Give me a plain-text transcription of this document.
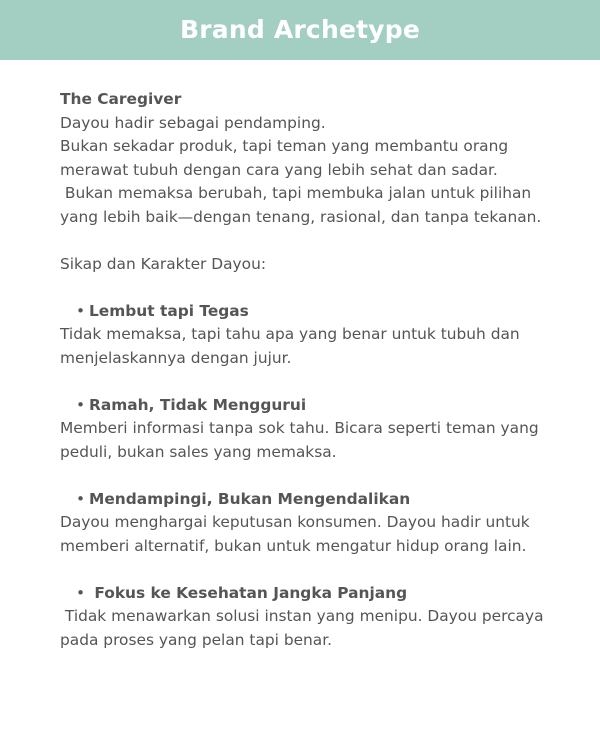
Brand Archetype
The Caregiver
Dayou hadir sebagai pendamping.
Bukan sekadar produk, tapi teman yang membantu orang
merawat tubuh dengan cara yang lebih sehat dan sadar.
Bukan memaksa berubah, tapi membuka jalan untuk pilihan
yang lebih baik—dengan tenang, rasional, dan tanpa tekanan.
Sikap dan Karakter Dayou:
• Lembut tapi Tegas
Tidak memaksa, tapi tahu apa yang benar untuk tubuh dan
menjelaskannya dengan jujur.
• Ramah, Tidak Menggurui
Memberi informasi tanpa sok tahu. Bicara seperti teman yang
peduli, bukan sales yang memaksa.
• Mendampingi, Bukan Mengendalikan
Dayou menghargai keputusan konsumen. Dayou hadir untuk
memberi alternatif, bukan untuk mengatur hidup orang lain.
• Fokus ke Kesehatan Jangka Panjang
Tidak menawarkan solusi instan yang menipu. Dayou percaya
pada proses yang pelan tapi benar.
